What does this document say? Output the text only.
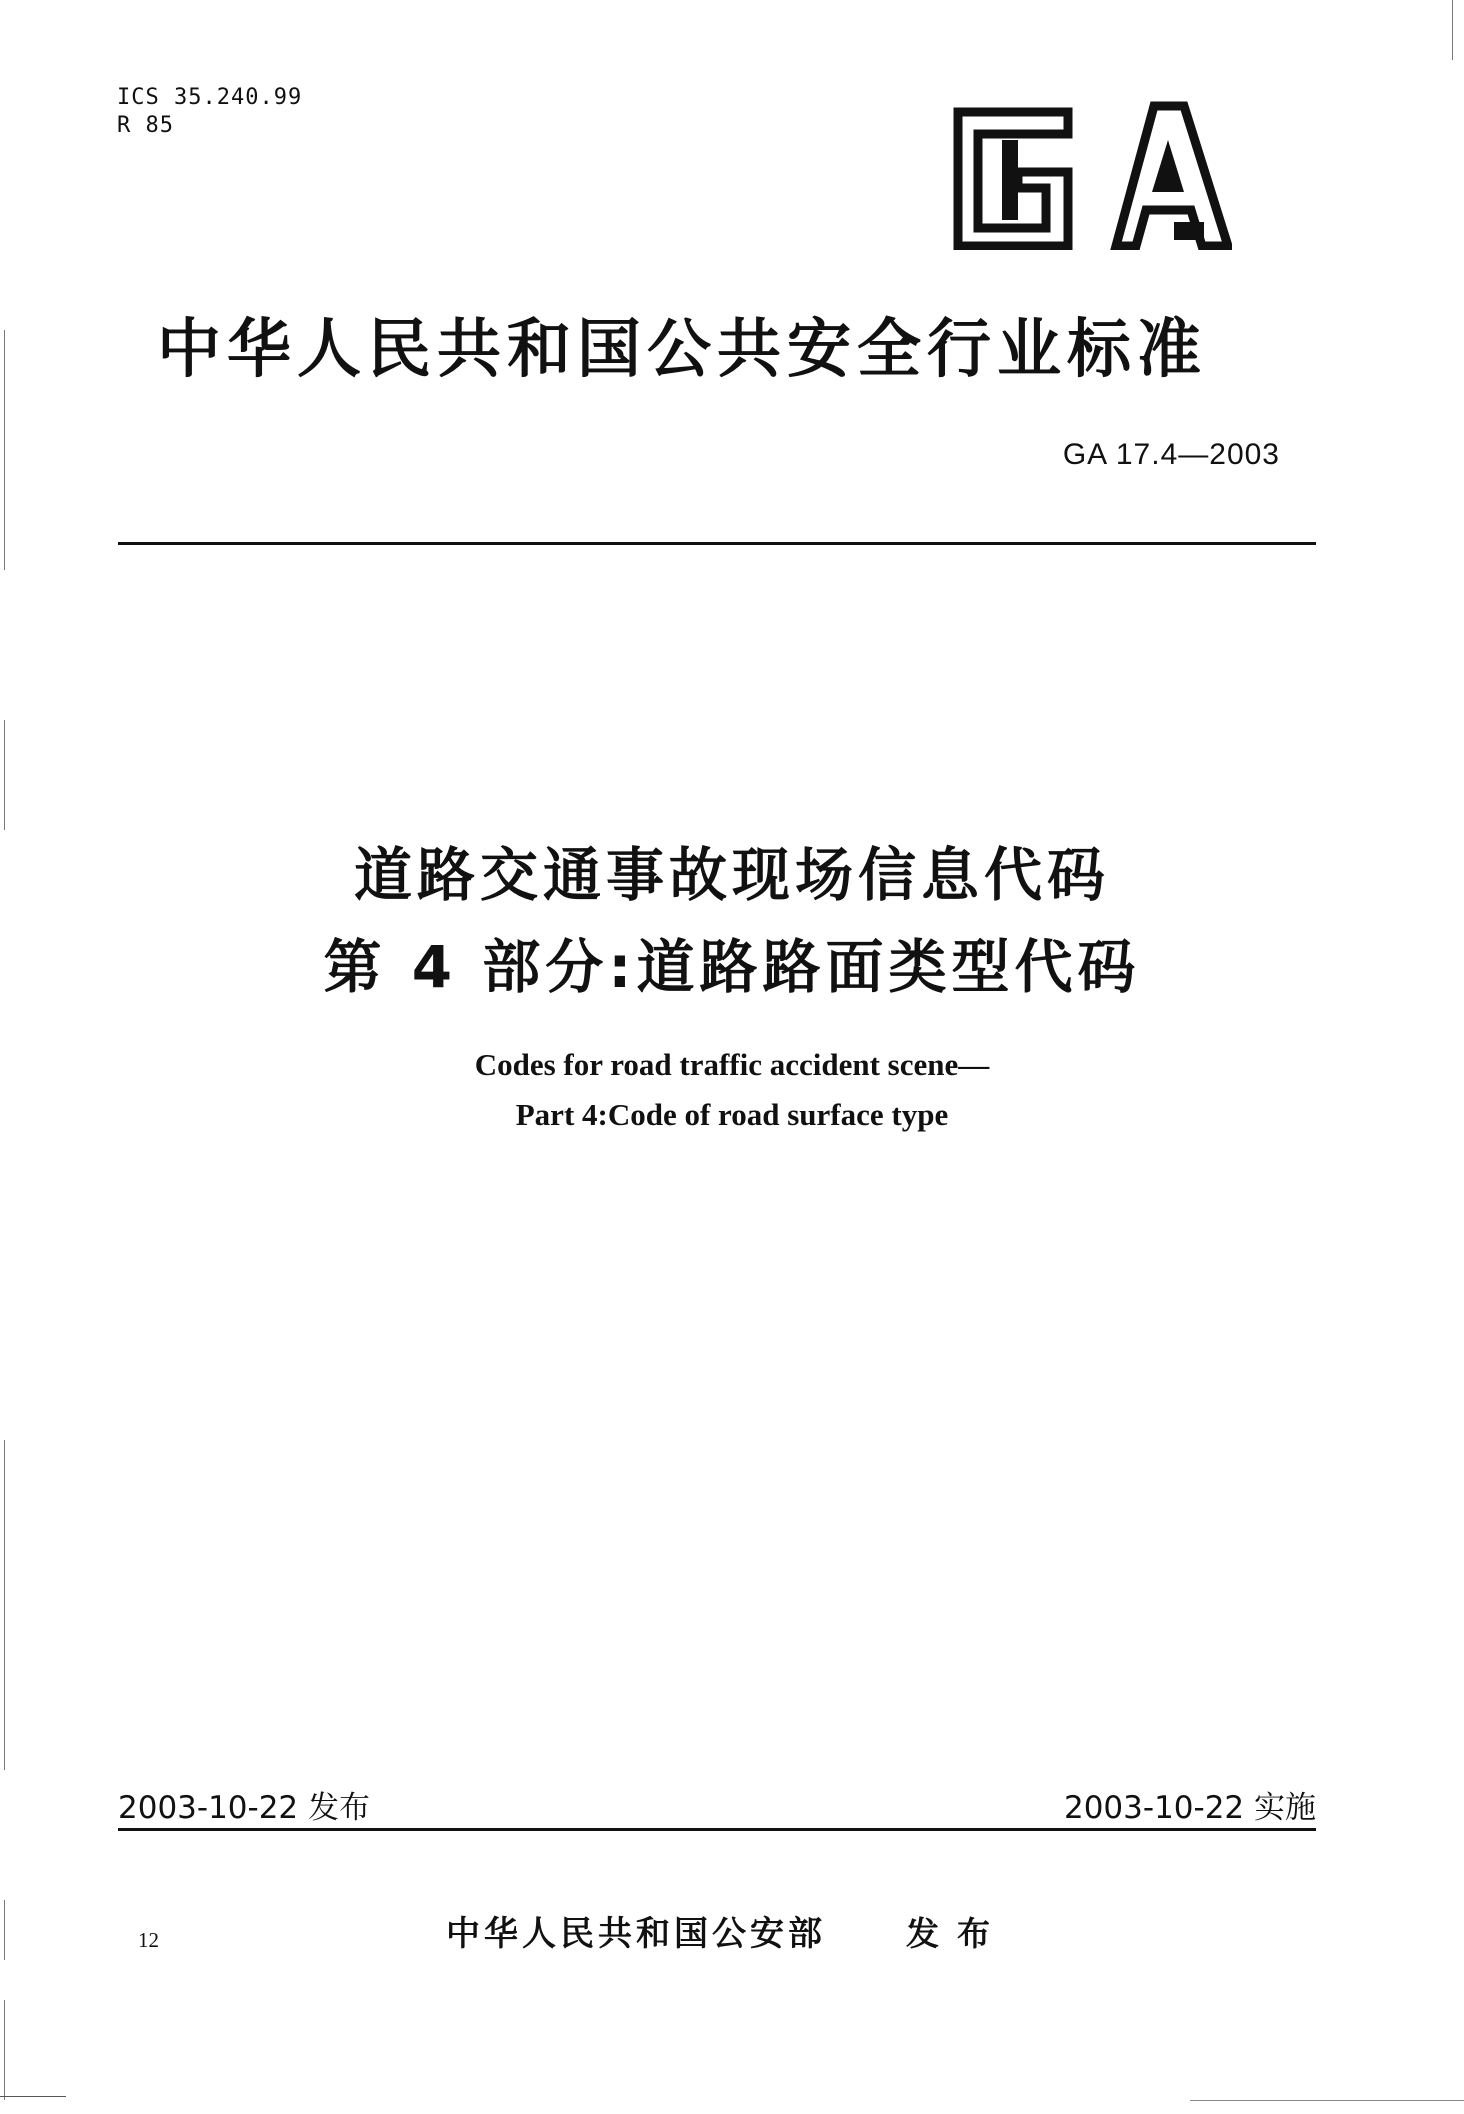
ICS 35.240.99
R 85
中华人民共和国公共安全行业标准
GA 17.4—2003
道路交通事故现场信息代码
第 4 部分:道路路面类型代码
Codes for road traffic accident scene—
Part 4:Code of road surface type
2003-10-22 发布	2003-10-22 实施
12	中华人民共和国公安部 发布
